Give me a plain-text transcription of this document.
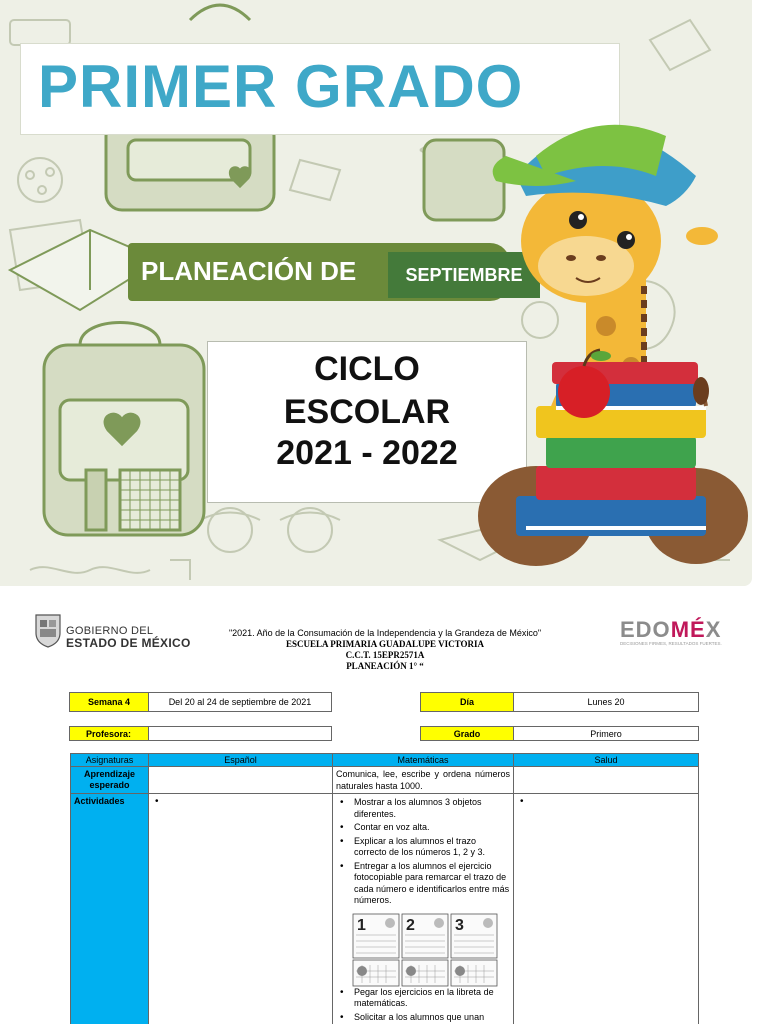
PRIMER GRADO
PLANEACIÓN DE	SEPTIEMBRE
CICLO
ESCOLAR
2021 - 2022
GOBIERNO DEL
ESTADO DE MÉXICO
"2021. Año de la Consumación de la Independencia y la Grandeza de México"
ESCUELA PRIMARIA GUADALUPE VICTORIA
C.C.T. 15EPR2571A
PLANEACIÓN 1° “
EDOMÉX
DECISIONES FIRMES, RESULTADOS FUERTES.
Semana 4	Del 20 al 24 de septiembre de 2021	Día	Lunes 20
Profesora:	Grado	Primero
Asignaturas	Español	Matemáticas	Salud
Aprendizaje esperado
Comunica, lee, escribe y ordena números naturales hasta 1000.
Actividades	•
•	Mostrar a los alumnos 3 objetos diferentes.
• Contar en voz alta.
• Explicar a los alumnos el trazo correcto de los números 1, 2 y 3.
• Entregar a los alumnos el ejercicio fotocopiable para remarcar el trazo de cada número e identificarlos entre más números.
• Pegar los ejercicios en la libreta de matemáticas.
• Solicitar a los alumnos que unan
•
1	2	3
